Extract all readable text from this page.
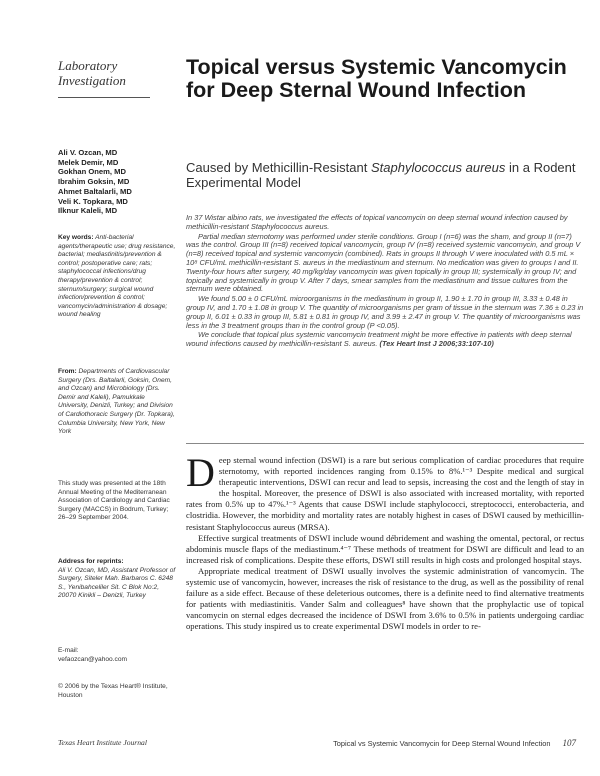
Laboratory
Investigation
Topical versus Systemic Vancomycin for Deep Sternal Wound Infection
Caused by Methicillin-Resistant Staphylococcus aureus in a Rodent Experimental Model
Ali V. Ozcan, MD
Melek Demir, MD
Gokhan Onem, MD
Ibrahim Goksin, MD
Ahmet Baltalarli, MD
Veli K. Topkara, MD
Ilknur Kaleli, MD
Key words: Anti-bacterial agents/therapeutic use; drug resistance, bacterial; mediastinitis/prevention & control; postoperative care; rats; staphylococcal infections/drug therapy/prevention & control; sternum/surgery; surgical wound infection/prevention & control; vancomycin/administration & dosage; wound healing
From: Departments of Cardiovascular Surgery (Drs. Baltalarli, Goksin, Onem, and Ozcan) and Microbiology (Drs. Demir and Kaleli), Pamukkale University, Denizli, Turkey; and Division of Cardiothoracic Surgery (Dr. Topkara), Columbia University, New York, New York
This study was presented at the 18th Annual Meeting of the Mediterranean Association of Cardiology and Cardiac Surgery (MACCS) in Bodrum, Turkey; 26–29 September 2004.
Address for reprints:
Ali V. Ozcan, MD, Assistant Professor of Surgery, Siteler Mah. Barbaros C. 6248 S., Yenibahceliler Sit. C Blok No:2, 20070 Kinikli – Denizli, Turkey
E-mail:
vefaozcan@yahoo.com
© 2006 by the Texas Heart® Institute, Houston

In 37 Wistar albino rats, we investigated the effects of topical vancomycin on deep sternal wound infection caused by methicillin-resistant Staphylococcus aureus.

Partial median sternotomy was performed under sterile conditions. Group I (n=6) was the sham, and group II (n=7) was the control. Group III (n=8) received topical vancomycin, group IV (n=8) received systemic vancomycin, and group V (n=8) received topical and systemic vancomycin (combined). Rats in groups II through V were inoculated with 0.5 mL × 10⁸ CFU/mL methicillin-resistant S. aureus in the mediastinum and sternum. No medication was given to groups I and II. Twenty-four hours after surgery, 40 mg/kg/day vancomycin was given topically in group III; systemically in group IV; and topically and systemically in group V. After 7 days, smear samples from the mediastinum and tissue cultures from the sternum were obtained.

We found 5.00 ± 0 CFU/mL microorganisms in the mediastinum in group II, 1.90 ± 1.70 in group III, 3.33 ± 0.48 in group IV, and 1.70 ± 1.08 in group V. The quantity of microorganisms per gram of tissue in the sternum was 7.36 ± 0.23 in group II, 6.01 ± 0.33 in group III, 5.81 ± 0.81 in group IV, and 3.99 ± 2.47 in group V. The quantity of microorganisms was less in the 3 treatment groups than in the control group (P <0.05).

We conclude that topical plus systemic vancomycin treatment might be more effective in patients with deep sternal wound infections caused by methicillin-resistant S. aureus. (Tex Heart Inst J 2006;33:107-10)

Deep sternal wound infection (DSWI) is a rare but serious complication of cardiac procedures that require sternotomy, with reported incidences ranging from 0.15% to 8%.¹⁻³ Despite medical and surgical therapeutic interventions, DSWI can recur and lead to sepsis, increasing the cost and the length of stay in the hospital. Moreover, the presence of DSWI is also associated with increased mortality, with reported rates from 0.5% up to 47%.¹⁻³ Agents that cause DSWI include staphylococci, streptococci, enterobacteria, and clostridia. However, the morbidity and mortality rates are notably highest in cases of DSWI caused by methicillin-resistant Staphylococcus aureus (MRSA).

Effective surgical treatments of DSWI include wound débridement and washing the omental, pectoral, or rectus abdominis muscle flaps of the mediastinum.⁴⁻⁷ These methods of treatment for DSWI are difficult and lead to an increased risk of complications. Despite these efforts, DSWI still results in high costs and prolonged hospital stays.

Appropriate medical treatment of DSWI usually involves the systemic administration of vancomycin. The systemic use of vancomycin, however, increases the risk of resistance to the drug, as well as the possibility of renal failure as a side effect. Because of these deleterious outcomes, there is a definite need to find alternative treatments for patients with mediastinitis. Vander Salm and colleagues⁸ have shown that the prophylactic use of topical vancomycin on sternal edges decreased the incidence of DSWI from 3.6% to 0.5% in patients undergoing cardiac operations. This study inspired us to create experimental DSWI models in order to re-

Texas Heart Institute Journal	Topical vs Systemic Vancomycin for Deep Sternal Wound Infection 107
